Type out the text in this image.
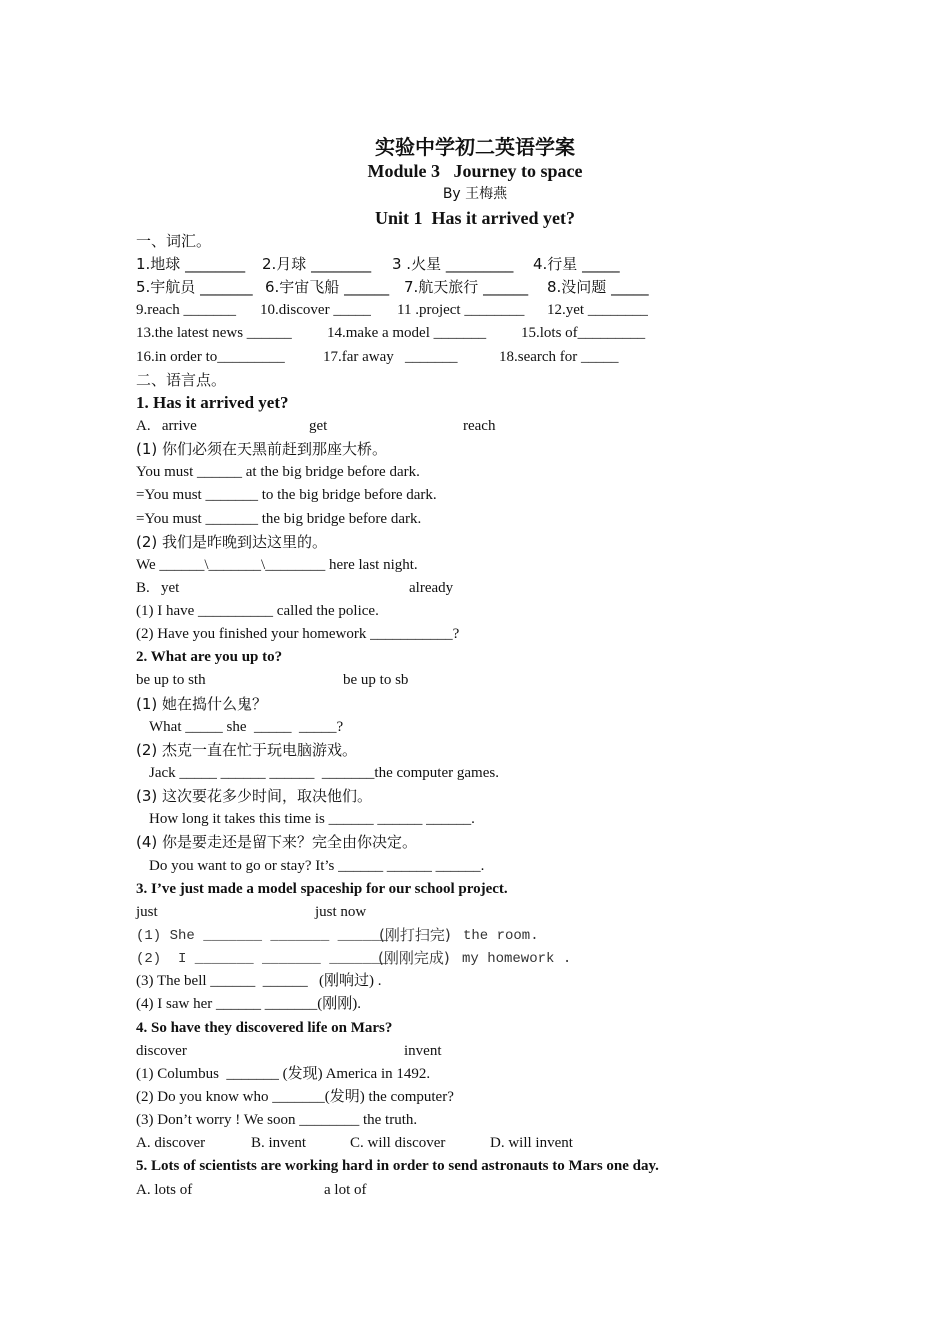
实验中学初二英语学案
Module 3   Journey to space
By 王梅燕
Unit 1  Has it arrived yet?
一、词汇。
1.地球 ________ 2.月球 ________ 3 .火星 _________ 4.行星 _____
5.宇航员 _______ 6.宇宙飞船 ______ 7.航天旅行 ______ 8.没问题 _____
9.reach _______ 10.discover _____ 11 .project ________ 12.yet ________
13.the latest news ______ 14.make a model _______ 15.lots of_________
16.in order to_________	17.far away   _______	18.search for _____
二、语言点。
1. Has it arrived yet?
A.   arrive	get	reach
(1) 你们必须在天黑前赶到那座大桥。
You must ______ at the big bridge before dark.
=You must _______ to the big bridge before dark.
=You must _______ the big bridge before dark.
(2) 我们是昨晚到达这里的。
We ______\_______\________ here last night.
B.   yet	already
(1) I have __________ called the police.
(2) Have you finished your homework ___________?
2. What are you up to?
be up to sth	be up to sb
(1) 她在捣什么鬼？
What _____ she  _____  _____?
(2) 杰克一直在忙于玩电脑游戏。
Jack _____ ______ ______  _______the computer games.
(3) 这次要花多少时间，取决他们。
How long it takes this time is ______ ______ ______.
(4) 你是要走还是留下来？完全由你决定。
Do you want to go or stay? It’s ______ ______ ______.
3. I’ve just made a model spaceship for our school project.
just	just now
(1) She _______ _______ ______
(刚打扫完) the room.
(2)  I _______ _______ _______
(刚刚完成) my homework .
(3) The bell ______  ______   (刚响过) .
(4) I saw her ______ _______(刚刚).
4. So have they discovered life on Mars?
discover	invent
(1) Columbus  _______ (发现) America in 1492.
(2) Do you know who _______(发明) the computer?
(3) Don’t worry ! We soon ________ the truth.
A. discover	B. invent	C. will discover	D. will invent
5. Lots of scientists are working hard in order to send astronauts to Mars one day.
A. lots of	a lot of
